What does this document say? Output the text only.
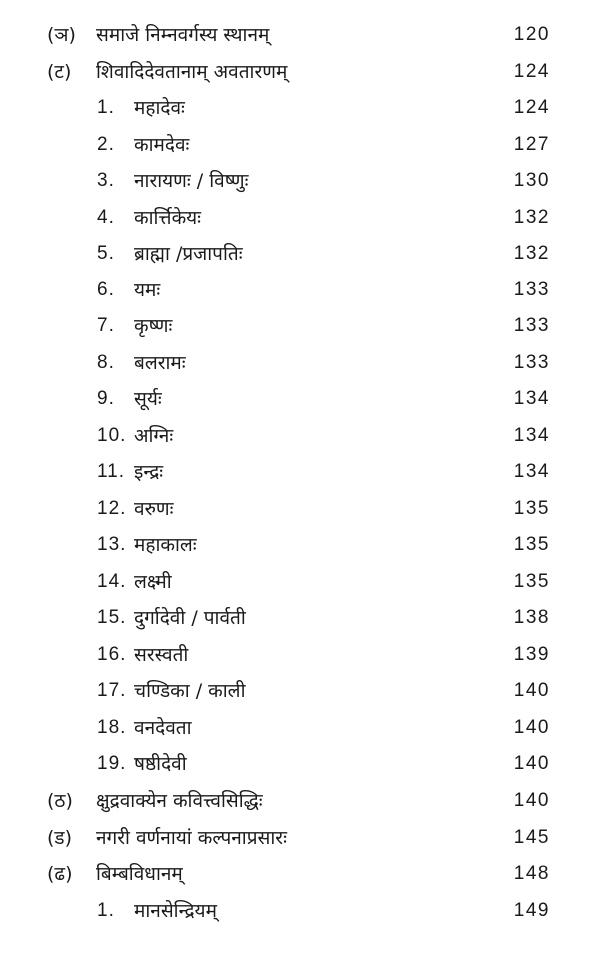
(ञ) समाजे निम्नवर्गस्य स्थानम्	120
(ट) शिवादिदेवतानाम् अवतारणम्	124
1. महादेवः	124
2. कामदेवः	127
3. नारायणः / विष्णुः	130
4. कार्त्तिकेयः	132
5. ब्राह्मा /प्रजापतिः	132
6. यमः	133
7. कृष्णः	133
8. बलरामः	133
9. सूर्यः	134
10. अग्निः	134
11. इन्द्रः	134
12. वरुणः	135
13. महाकालः	135
14. लक्ष्मी	135
15. दुर्गादेवी / पार्वती	138
16. सरस्वती	139
17. चण्डिका / काली	140
18. वनदेवता	140
19. षष्ठीदेवी	140
(ठ) क्षुद्रवाक्येन कवित्त्वसिद्धिः	140
(ड) नगरी वर्णनायां कल्पनाप्रसारः	145
(ढ) बिम्बविधानम्	148
1. मानसेन्द्रियम्	149
